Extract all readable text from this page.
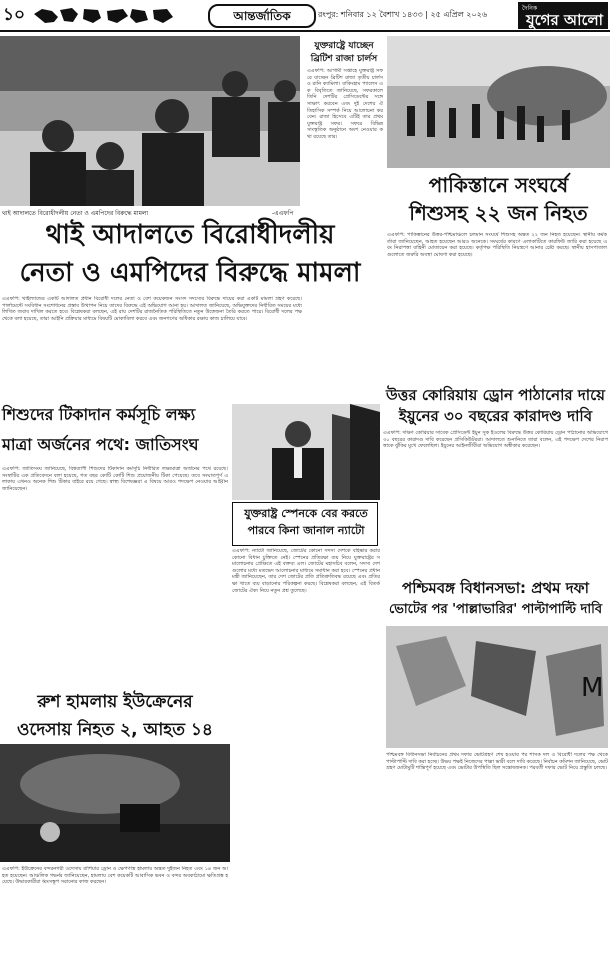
১০	আন্তর্জাতিক	রংপুর: শনিবার ১২ বৈশাখ ১৪৩৩ | ২৫ এপ্রিল ২০২৬
দৈনিক
যুগের আলো
থাই আদালতে বিরোধীদলীয় নেতা ও এমপিদের বিরুদ্ধে মামলা	-এএফপি
থাই আদালতে বিরোধীদলীয়
নেতা ও এমপিদের বিরুদ্ধে মামলা
এএফপি: থাইল্যান্ডের একটি আদালত প্রধান বিরোধী দলের নেতা ও বেশ কয়েকজন সংসদ সদস্যের বিরুদ্ধে দায়ের করা একটি মামলা গ্রহণ করেছে। পার্লামেন্টে সংবিধান সংশোধনের প্রস্তাব উত্থাপন নিয়ে তাদের বিরুদ্ধে এই অভিযোগ আনা হয়। আদালত জানিয়েছে, অভিযুক্তদের নির্ধারিত সময়ের মধ্যে লিখিত জবাব দাখিল করতে হবে। বিশ্লেষকরা বলছেন, এই রায় দেশটির রাজনৈতিক পরিস্থিতিতে নতুন উত্তেজনা তৈরি করতে পারে। বিরোধী দলের পক্ষ থেকে বলা হয়েছে, তারা আইনি প্রক্রিয়ার মাধ্যমে বিষয়টি মোকাবিলা করবে এবং জনগণের অধিকার রক্ষায় কাজ চালিয়ে যাবে।
যুক্তরাষ্ট্রে যাচ্ছেন
ব্রিটিশ রাজা চার্লস
এএফপি: আগামী সপ্তাহে যুক্তরাষ্ট্র সফরে যাচ্ছেন ব্রিটিশ রাজা তৃতীয় চার্লস ও রানি ক্যামিলা। বাকিংহাম প্যালেস এক বিবৃতিতে জানিয়েছে, সফরকালে তিনি দেশটির প্রেসিডেন্টের সঙ্গে সাক্ষাৎ করবেন এবং দুই দেশের ঐতিহাসিক সম্পর্ক নিয়ে আলোচনা করবেন। রাজা হিসেবে এটিই তার প্রথম যুক্তরাষ্ট্র সফর। সফরে বিভিন্ন সাংস্কৃতিক অনুষ্ঠানে অংশ নেওয়ার কথা রয়েছে তার।
পাকিস্তানে সংঘর্ষে
শিশুসহ ২২ জন নিহত
এএফপি: পাকিস্তানের উত্তর-পশ্চিমাঞ্চলে চলমান সংঘর্ষে শিশুসহ অন্তত ২২ জন নিহত হয়েছেন। স্থানীয় কর্মকর্তারা জানিয়েছেন, আহত হয়েছেন আরও অনেকে। সংঘর্ষের কারণে এলাকাটিতে কারফিউ জারি করা হয়েছে এবং নিরাপত্তা বাহিনী মোতায়েন করা হয়েছে। কর্তৃপক্ষ পরিস্থিতি নিয়ন্ত্রণে আনার চেষ্টা করছে। স্থানীয় হাসপাতালগুলোতে জরুরি অবস্থা ঘোষণা করা হয়েছে।
উত্তর কোরিয়ায় ড্রোন পাঠানোর দায়ে
ইয়ুনের ৩০ বছরের কারাদণ্ড দাবি
এএফপি: দক্ষিণ কোরিয়ার সাবেক প্রেসিডেন্ট ইয়ুন সুক ইওলের বিরুদ্ধে উত্তর কোরিয়ায় ড্রোন পাঠানোর অভিযোগে ৩০ বছরের কারাদণ্ড দাবি করেছেন প্রসিকিউটররা। আদালতে শুনানিতে তারা বলেন, এই পদক্ষেপ দেশের নিরাপত্তাকে ঝুঁকির মুখে ফেলেছিল। ইয়ুনের আইনজীবীরা অভিযোগ অস্বীকার করেছেন।
শিশুদের টিকাদান কর্মসূচি লক্ষ্য
মাত্রা অর্জনের পথে: জাতিসংঘ
এএফপি: জাতিসংঘ জানিয়েছে, বিশ্বব্যাপী শিশুদের টিকাদান কর্মসূচি নির্ধারিত লক্ষ্যমাত্রা অর্জনের পথে রয়েছে। সংস্থাটির এক প্রতিবেদনে বলা হয়েছে, গত বছর কোটি কোটি শিশু প্রয়োজনীয় টিকা পেয়েছে। তবে সংঘাতপূর্ণ এলাকায় এখনও অনেক শিশু টিকার বাইরে রয়ে গেছে। স্বাস্থ্য বিশেষজ্ঞরা এ বিষয়ে আরও পদক্ষেপ নেওয়ার আহ্বান জানিয়েছেন।
যুক্তরাষ্ট্র স্পেনকে বের করতে
পারবে কিনা জানাল ন্যাটো
এএফপি: ন্যাটো জানিয়েছে, জোটের কোনো সদস্য দেশকে বহিষ্কার করার কোনো বিধান চুক্তিতে নেই। স্পেনের প্রতিরক্ষা ব্যয় নিয়ে যুক্তরাষ্ট্রের সমালোচনার প্রেক্ষিতে এই বক্তব্য এল। জোটের মহাসচিব বলেন, সদস্য দেশগুলোর মধ্যে মতভেদ আলোচনার মাধ্যমে সমাধান করা হবে। স্পেনের প্রধানমন্ত্রী জানিয়েছেন, তার দেশ জোটের প্রতি প্রতিশ্রুতিবদ্ধ রয়েছে এবং প্রতিরক্ষা খাতে ব্যয় বাড়ানোর পরিকল্পনা করছে। বিশ্লেষকরা বলছেন, এই বিতর্ক জোটের ঐক্য নিয়ে নতুন প্রশ্ন তুলেছে।	পশ্চিমবঙ্গ বিধানসভা: প্রথম দফা
ভোটের পর 'পাল্লাভারির' পাল্টাপাল্টি দাবি
M
পশ্চিমবঙ্গ বিধানসভা নির্বাচনের প্রথম দফার ভোটগ্রহণ শেষ হওয়ার পর শাসক দল ও বিরোধী দলের পক্ষ থেকে পাল্টাপাল্টি দাবি করা হচ্ছে। উভয় পক্ষই নিজেদের পাল্লা ভারী বলে দাবি করেছে। নির্বাচন কমিশন জানিয়েছে, ভোটগ্রহণ মোটামুটি শান্তিপূর্ণ হয়েছে এবং ভোটার উপস্থিতি ছিল সন্তোষজনক। পরবর্তী দফার ভোট নিয়ে প্রস্তুতি চলছে।
রুশ হামলায় ইউক্রেনের
ওদেসায় নিহত ২, আহত ১৪
এএফপি: ইউক্রেনের বন্দরনগরী ওদেসায় রাশিয়ার ড্রোন ও ক্ষেপণাস্ত্র হামলায় অন্তত দুইজন নিহত এবং ১৪ জন আহত হয়েছেন। আঞ্চলিক গভর্নর জানিয়েছেন, হামলায় বেশ কয়েকটি আবাসিক ভবন ও বন্দর অবকাঠামো ক্ষতিগ্রস্ত হয়েছে। উদ্ধারকারীরা ধ্বংসস্তূপ সরানোর কাজ করছেন।
